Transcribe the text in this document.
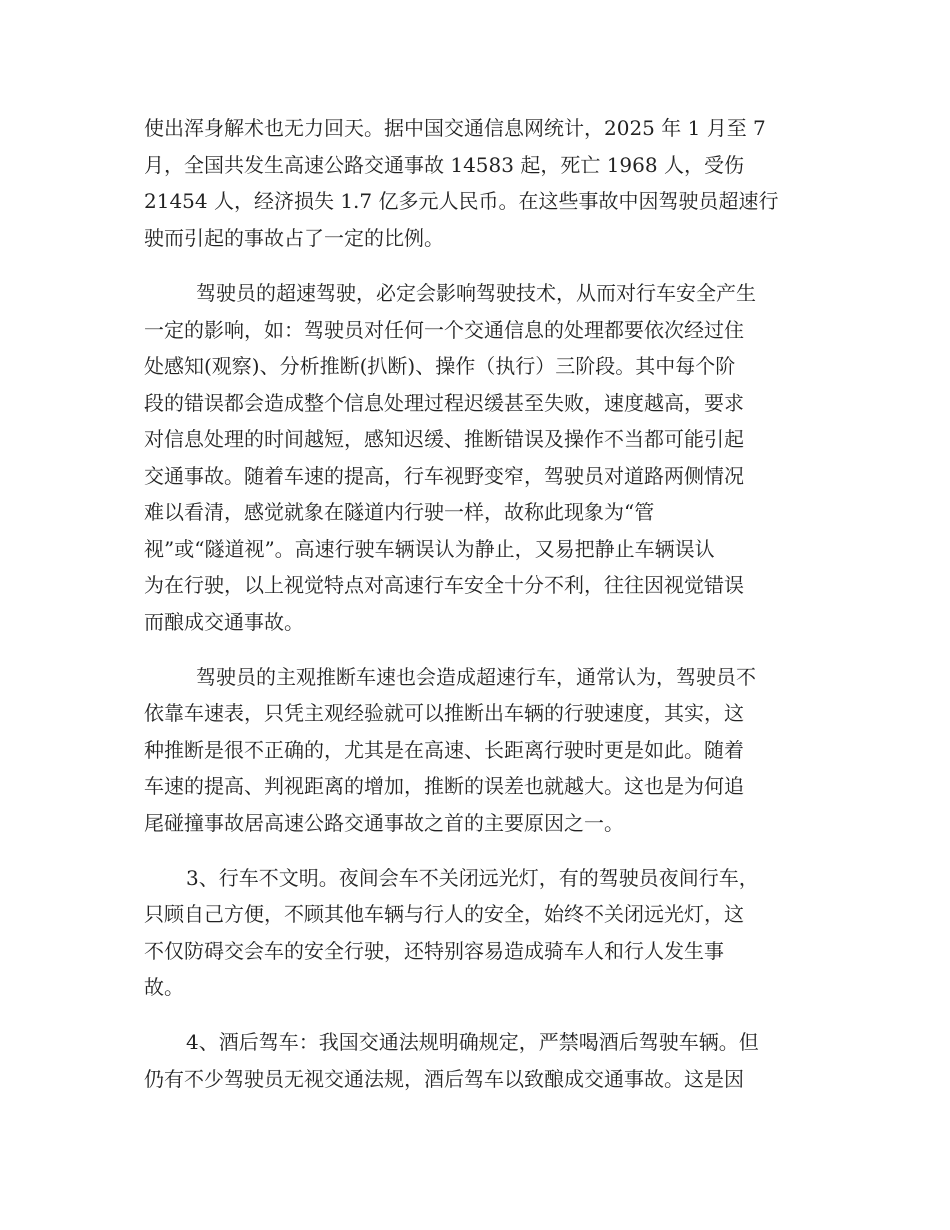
使出浑身解术也无力回天。据中国交通信息网统计，2025 年 1 月至 7
月，全国共发生高速公路交通事故 14583 起，死亡 1968 人，受伤
21454 人，经济损失 1.7 亿多元人民币。在这些事故中因驾驶员超速行
驶而引起的事故占了一定的比例。
驾驶员的超速驾驶，必定会影响驾驶技术，从而对行车安全产生
一定的影响，如：驾驶员对任何一个交通信息的处理都要依次经过住
处感知(观察)、分析推断(扒断)、操作（执行）三阶段。其中每个阶
段的错误都会造成整个信息处理过程迟缓甚至失败，速度越高，要求
对信息处理的时间越短，感知迟缓、推断错误及操作不当都可能引起
交通事故。随着车速的提高，行车视野变窄，驾驶员对道路两侧情况
难以看清，感觉就象在隧道内行驶一样，故称此现象为“管
视”或“隧道视”。高速行驶车辆误认为静止，又易把静止车辆误认
为在行驶，以上视觉特点对高速行车安全十分不利，往往因视觉错误
而酿成交通事故。
驾驶员的主观推断车速也会造成超速行车，通常认为，驾驶员不
依靠车速表，只凭主观经验就可以推断出车辆的行驶速度，其实，这
种推断是很不正确的，尤其是在高速、长距离行驶时更是如此。随着
车速的提高、判视距离的增加，推断的误差也就越大。这也是为何追
尾碰撞事故居高速公路交通事故之首的主要原因之一。
3、行车不文明。夜间会车不关闭远光灯，有的驾驶员夜间行车，
只顾自己方便，不顾其他车辆与行人的安全，始终不关闭远光灯，这
不仅防碍交会车的安全行驶，还特别容易造成骑车人和行人发生事
故。
4、酒后驾车：我国交通法规明确规定，严禁喝酒后驾驶车辆。但
仍有不少驾驶员无视交通法规，酒后驾车以致酿成交通事故。这是因
